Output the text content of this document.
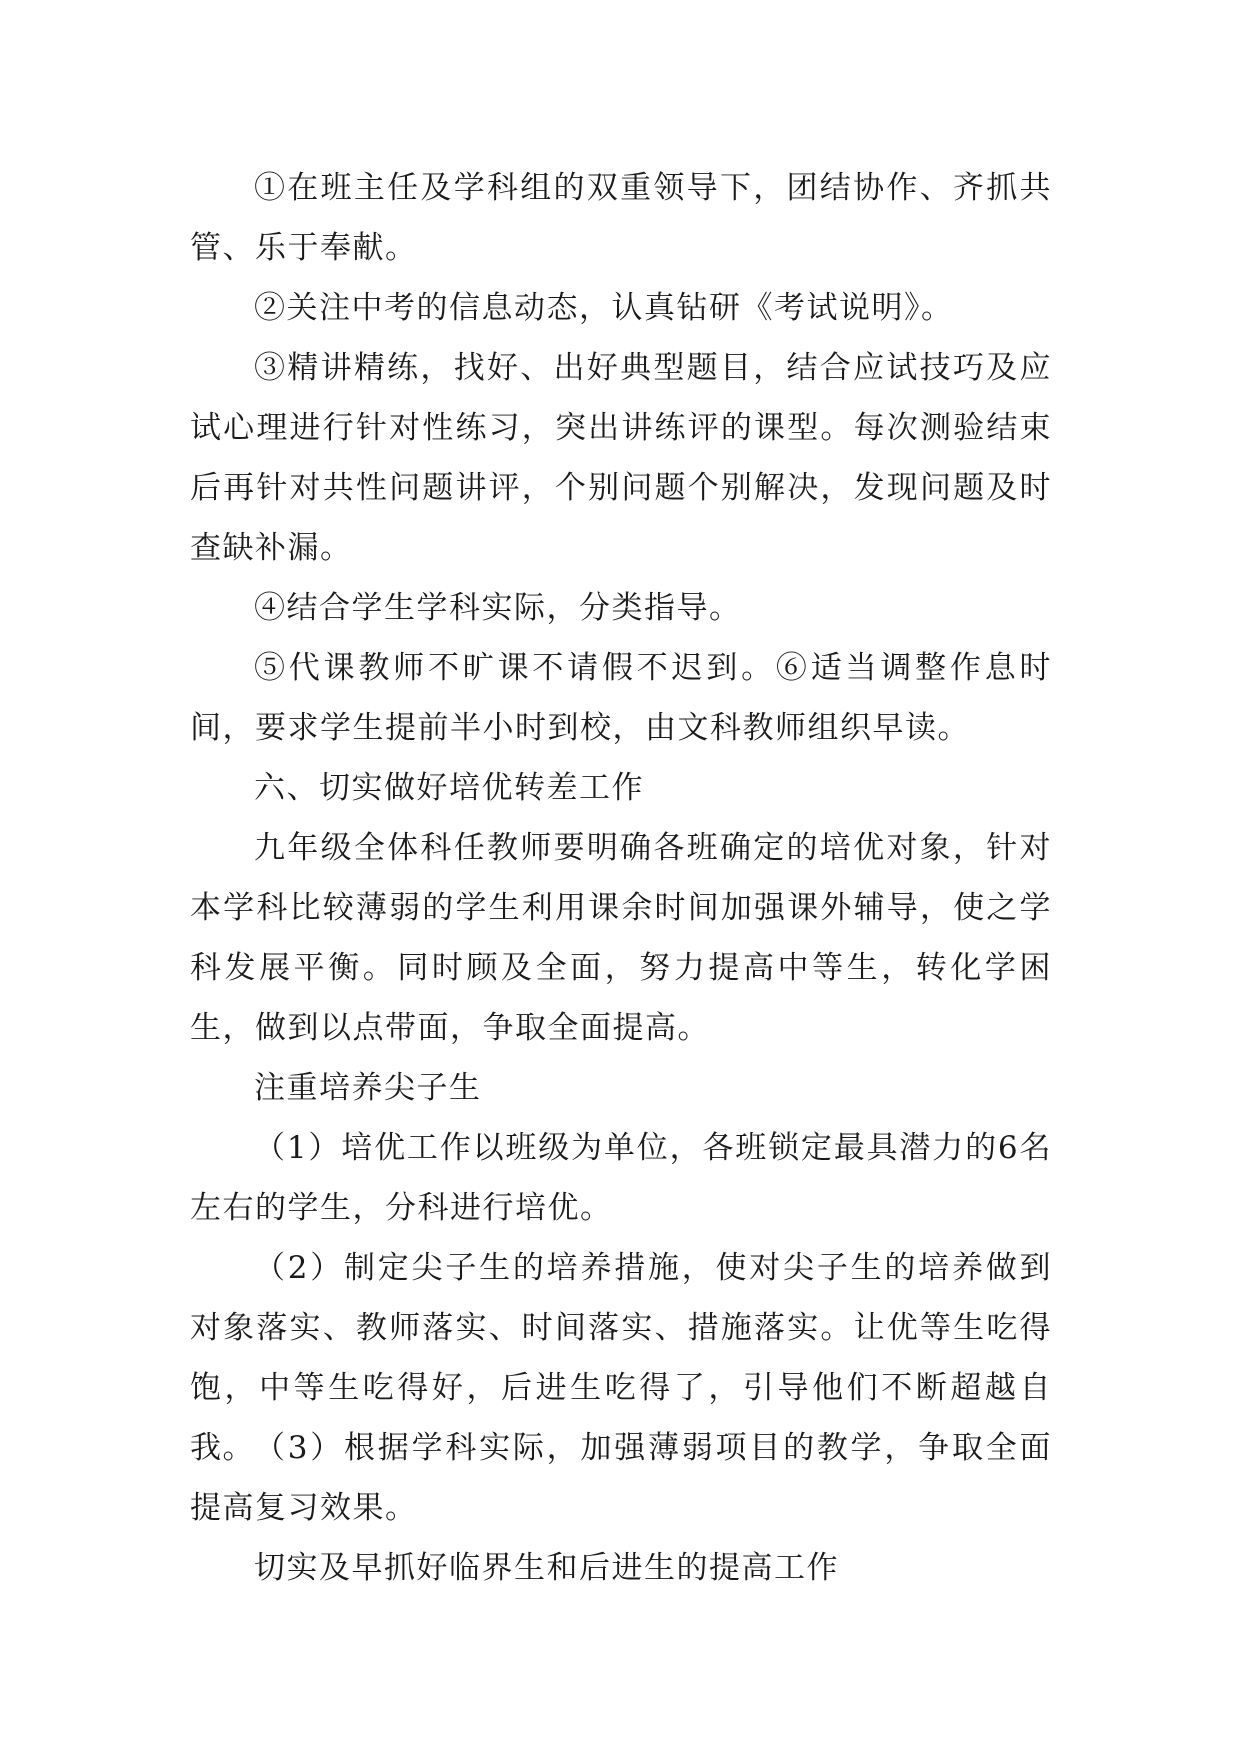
①在班主任及学科组的双重领导下，团结协作、齐抓共管、乐于奉献。

②关注中考的信息动态，认真钻研《考试说明》。

③精讲精练，找好、出好典型题目，结合应试技巧及应试心理进行针对性练习，突出讲练评的课型。每次测验结束后再针对共性问题讲评，个别问题个别解决，发现问题及时查缺补漏。

④结合学生学科实际，分类指导。

⑤代课教师不旷课不请假不迟到。⑥适当调整作息时间，要求学生提前半小时到校，由文科教师组织早读。

六、切实做好培优转差工作

九年级全体科任教师要明确各班确定的培优对象，针对本学科比较薄弱的学生利用课余时间加强课外辅导，使之学科发展平衡。同时顾及全面，努力提高中等生，转化学困生，做到以点带面，争取全面提高。

注重培养尖子生

（1）培优工作以班级为单位，各班锁定最具潜力的6名左右的学生，分科进行培优。

（2）制定尖子生的培养措施，使对尖子生的培养做到对象落实、教师落实、时间落实、措施落实。让优等生吃得饱，中等生吃得好，后进生吃得了，引导他们不断超越自我。 （3）根据学科实际，加强薄弱项目的教学，争取全面提高复习效果。

切实及早抓好临界生和后进生的提高工作
